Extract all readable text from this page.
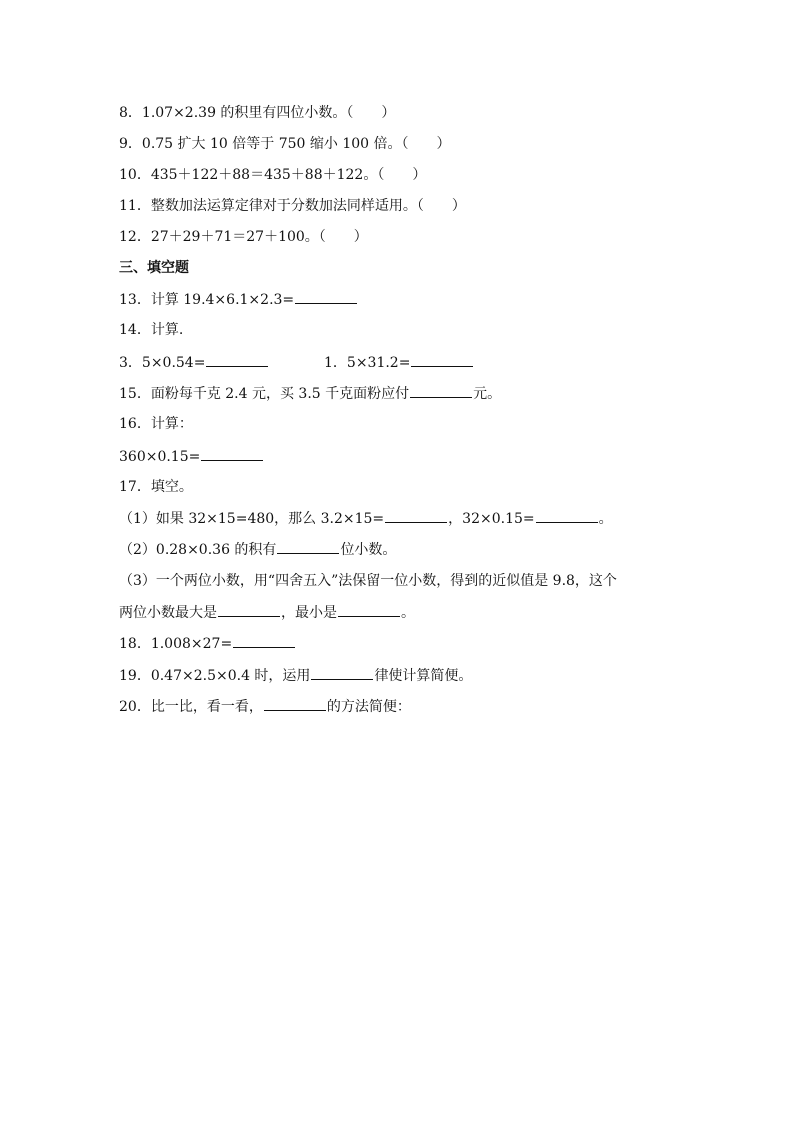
8．1.07×2.39 的积里有四位小数。（　　）
9．0.75 扩大 10 倍等于 750 缩小 100 倍。（　　）
10．435＋122＋88＝435＋88＋122。（　　）
11．整数加法运算定律对于分数加法同样适用。（　　）
12．27＋29＋71＝27＋100。（　　）
三、填空题
13．计算 19.4×6.1×2.3=
14．计算.
3．5×0.54=	1．5×31.2=
15．面粉每千克 2.4 元，买 3.5 千克面粉应付	元。
16．计算：
360×0.15=
17．填空。
（1）如果 32×15=480，那么 3.2×15=	，32×0.15=	。
（2）0.28×0.36 的积有	位小数。
（3）一个两位小数，用“四舍五入”法保留一位小数，得到的近似值是 9.8，这个
两位小数最大是	，最小是	。
18．1.008×27=
19．0.47×2.5×0.4 时，运用	律使计算简便。
20．比一比，看一看，	的方法简便：
